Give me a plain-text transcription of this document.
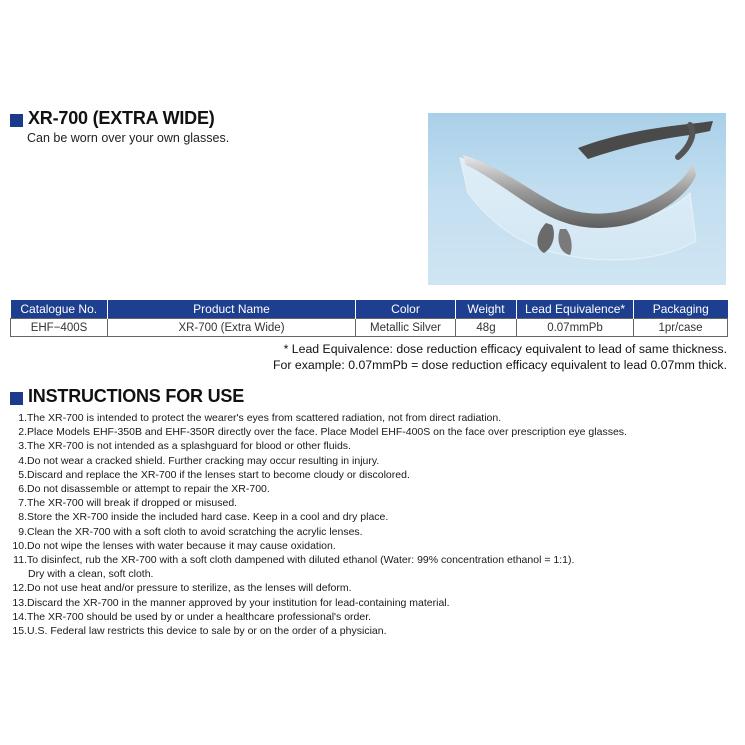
XR-700 (EXTRA WIDE)
Can be worn over your own glasses.
Catalogue No.	Product Name	Color	Weight	Lead Equivalence*	Packaging
EHF−400S	XR-700 (Extra Wide)	Metallic Silver	48g	0.07mmPb	1pr/case
* Lead Equivalence: dose reduction efficacy equivalent to lead of same thickness.
For example: 0.07mmPb = dose reduction efficacy equivalent to lead 0.07mm thick.
INSTRUCTIONS FOR USE
1.The XR-700 is intended to protect the wearer's eyes from scattered radiation, not from direct radiation.
2.Place Models EHF-350B and EHF-350R directly over the face. Place Model EHF-400S on the face over prescription eye glasses.
3.The XR-700 is not intended as a splashguard for blood or other fluids.
4.Do not wear a cracked shield. Further cracking may occur resulting in injury.
5.Discard and replace the XR-700 if the lenses start to become cloudy or discolored.
6.Do not disassemble or attempt to repair the XR-700.
7.The XR-700 will break if dropped or misused.
8.Store the XR-700 inside the included hard case. Keep in a cool and dry place.
9.Clean the XR-700 with a soft cloth to avoid scratching the acrylic lenses.
10.Do not wipe the lenses with water because it may cause oxidation.
11.To disinfect, rub the XR-700 with a soft cloth dampened with diluted ethanol (Water: 99% concentration ethanol = 1:1).
Dry with a clean, soft cloth.
12.Do not use heat and/or pressure to sterilize, as the lenses will deform.
13.Discard the XR-700 in the manner approved by your institution for lead-containing material.
14.The XR-700 should be used by or under a healthcare professional's order.
15.U.S. Federal law restricts this device to sale by or on the order of a physician.
